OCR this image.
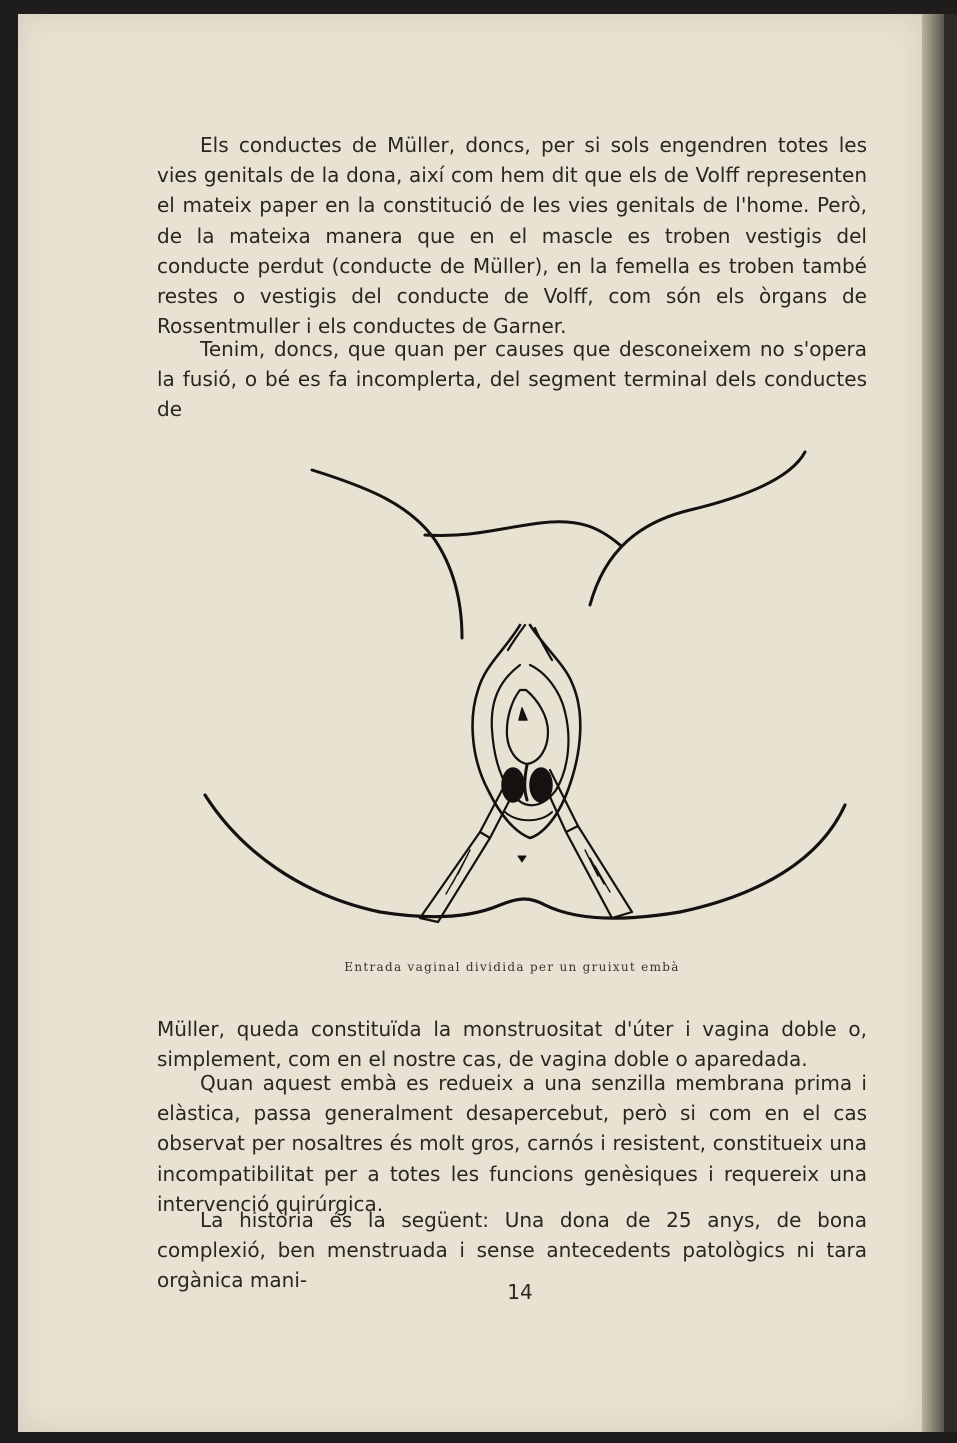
Els conductes de Müller, doncs, per si sols engendren totes les vies genitals de la dona, així com hem dit que els de Volff representen el mateix paper en la constitució de les vies genitals de l'home. Però, de la mateixa manera que en el mascle es troben vestigis del conducte perdut (conducte de Müller), en la femella es troben també restes o vestigis del conducte de Volff, com són els òrgans de Rossentmuller i els conductes de Garner.

Tenim, doncs, que quan per causes que desconeixem no s'opera la fusió, o bé es fa incomplerta, del segment terminal dels conductes de

Entrada vaginal dividida per un gruixut embà

Müller, queda constituïda la monstruositat d'úter i vagina doble o, simplement, com en el nostre cas, de vagina doble o aparedada.

Quan aquest embà es redueix a una senzilla membrana prima i elàstica, passa generalment desapercebut, però si com en el cas observat per nosaltres és molt gros, carnós i resistent, constitueix una incompatibilitat per a totes les funcions genèsiques i requereix una intervenció quirúrgica.

La història és la següent: Una dona de 25 anys, de bona complexió, ben menstruada i sense antecedents patològics ni tara orgànica mani-	14
